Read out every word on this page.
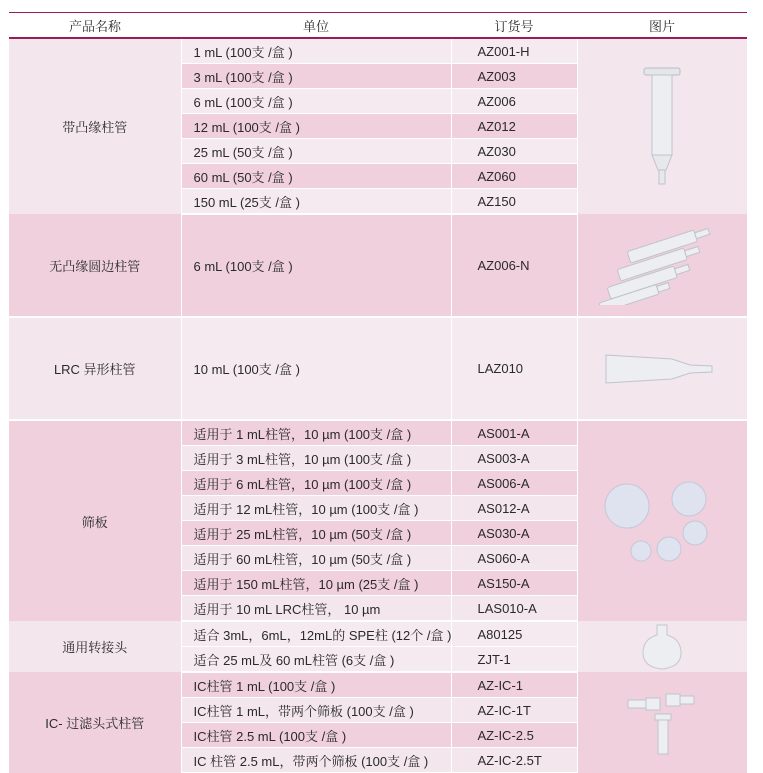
产品名称	单位	订货号	图片
带凸缘柱管	1 mL (100支 /盒 )	AZ001-H	

	3 mL (100支 /盒 )	AZ003	
	6 mL (100支 /盒 )	AZ006	
	12 mL (100支 /盒 )	AZ012	
	25 mL (50支 /盒 )	AZ030	
	60 mL (50支 /盒 )	AZ060	
	150 mL (25支 /盒 )	AZ150	
无凸缘圆边柱管	6 mL (100支 /盒 )	AZ006-N	

LRC 异形柱管	10 mL (100支 /盒 )	LAZ010	

筛板	适用于 1 mL柱管，10 µm (100支 /盒 )	AS001-A	

	适用于 3 mL柱管，10 µm (100支 /盒 )	AS003-A	
	适用于 6 mL柱管，10 µm (100支 /盒 )	AS006-A	
	适用于 12 mL柱管，10 µm (100支 /盒 )	AS012-A	
	适用于 25 mL柱管，10 µm (50支 /盒 )	AS030-A	
	适用于 60 mL柱管，10 µm (50支 /盒 )	AS060-A	
	适用于 150 mL柱管，10 µm (25支 /盒 )	AS150-A	
	适用于 10 mL LRC柱管， 10 µm	LAS010-A	
通用转接头	适合 3mL，6mL，12mL的 SPE柱 (12个 /盒 )	A80125	

	适合 25 mL及 60 mL柱管 (6支 /盒 )	ZJT-1	
IC- 过滤头式柱管	IC柱管 1 mL (100支 /盒 )	AZ-IC-1	

	IC柱管 1 mL，带两个筛板 (100支 /盒 )	AZ-IC-1T	
	IC柱管 2.5 mL (100支 /盒 )	AZ-IC-2.5	
	IC 柱管 2.5 mL，带两个筛板 (100支 /盒 )	AZ-IC-2.5T	
